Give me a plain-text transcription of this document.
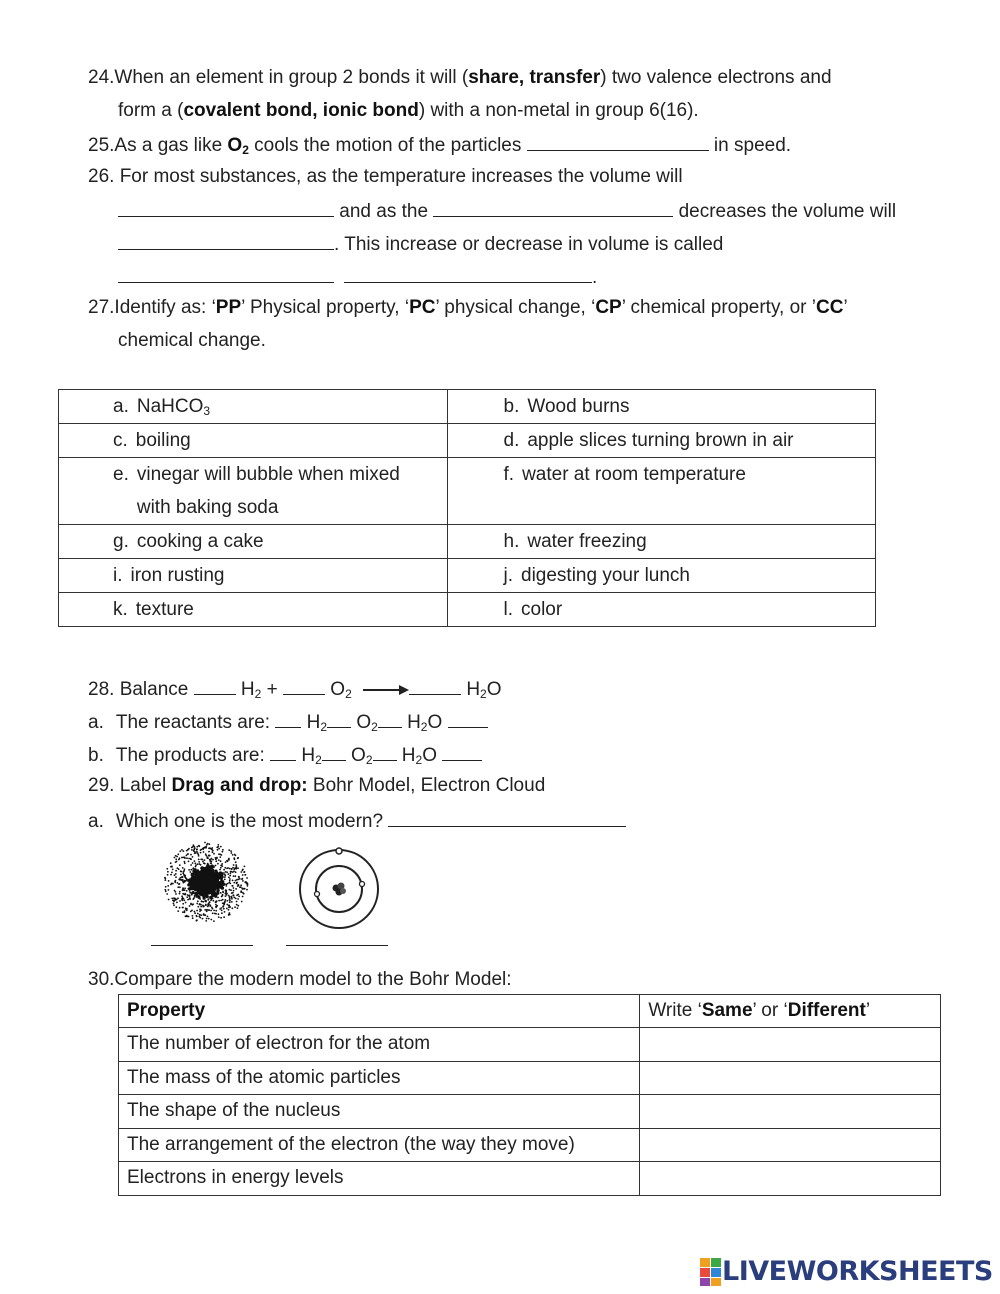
24.When an element in group 2 bonds it will (share, transfer) two valence electrons and
form a (covalent bond, ionic bond) with a non-metal in group 6(16).
25.As a gas like $O_2$ cools the motion of the particles	in speed.
26. For most substances, as the temperature increases the volume will
and as the	decreases the volume will
. This increase or decrease in volume is called
.
27.Identify as: ‘PP’ Physical property, ‘PC’ physical change, ‘CP’ chemical property, or ’CC’
chemical change.
a. NaHCO$_3$	b. Wood burns

c. boiling	d. apple slices turning brown in air

e. vinegar will bubble when mixed
with baking soda	f. water at room temperature

g. cooking a cake	h. water freezing

i. iron rusting	j. digesting your lunch

k. texture	l. color
28. Balance  $H_2 + O_2$	$H_2O$
a. The reactants are:  $H_2$ $O_2$ $H_2O$
b. The products are:  $H_2$ $O_2$ $H_2O$
29. Label Drag and drop: Bohr Model, Electron Cloud
a. Which one is the most modern?
30.Compare the modern model to the Bohr Model:
Property	Write ‘Same’ or ‘Different’
The number of electron for the atom	
The mass of the atomic particles	
The shape of the nucleus	
The arrangement of the electron (the way they move)	
Electrons in energy levels	
LIVEWORKSHEETS
